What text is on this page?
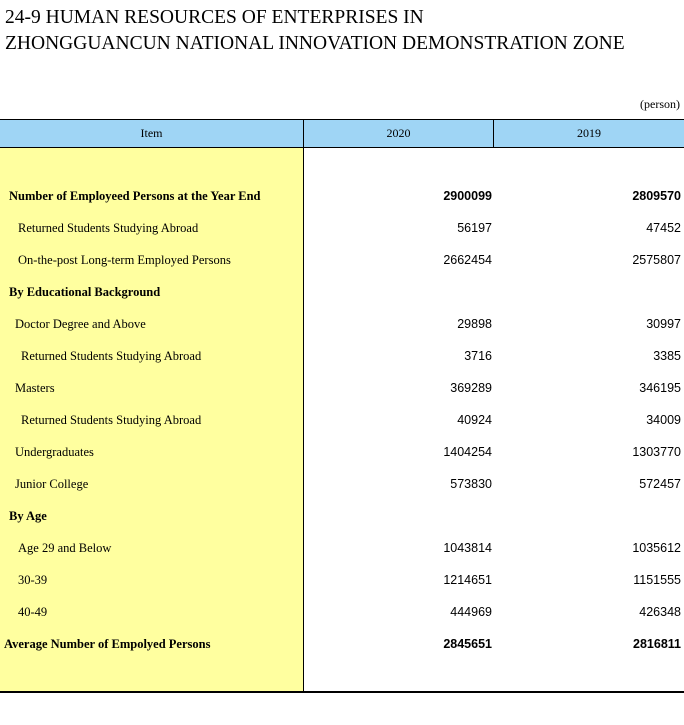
24-9 HUMAN RESOURCES OF ENTERPRISES IN
ZHONGGUANCUN NATIONAL INNOVATION DEMONSTRATION ZONE
(person)
Item	2020	2019
Number of Employeed Persons at the Year End	2900099	2809570
Returned Students Studying Abroad	56197	47452
On-the-post Long-term Employed Persons	2662454	2575807
By Educational Background
Doctor Degree and Above	29898	30997
Returned Students Studying Abroad	3716	3385
Masters	369289	346195
Returned Students Studying Abroad	40924	34009
Undergraduates	1404254	1303770
Junior College	573830	572457
By Age
Age 29 and Below	1043814	1035612
30-39	1214651	1151555
40-49	444969	426348
Average Number of Empolyed Persons	2845651	2816811
